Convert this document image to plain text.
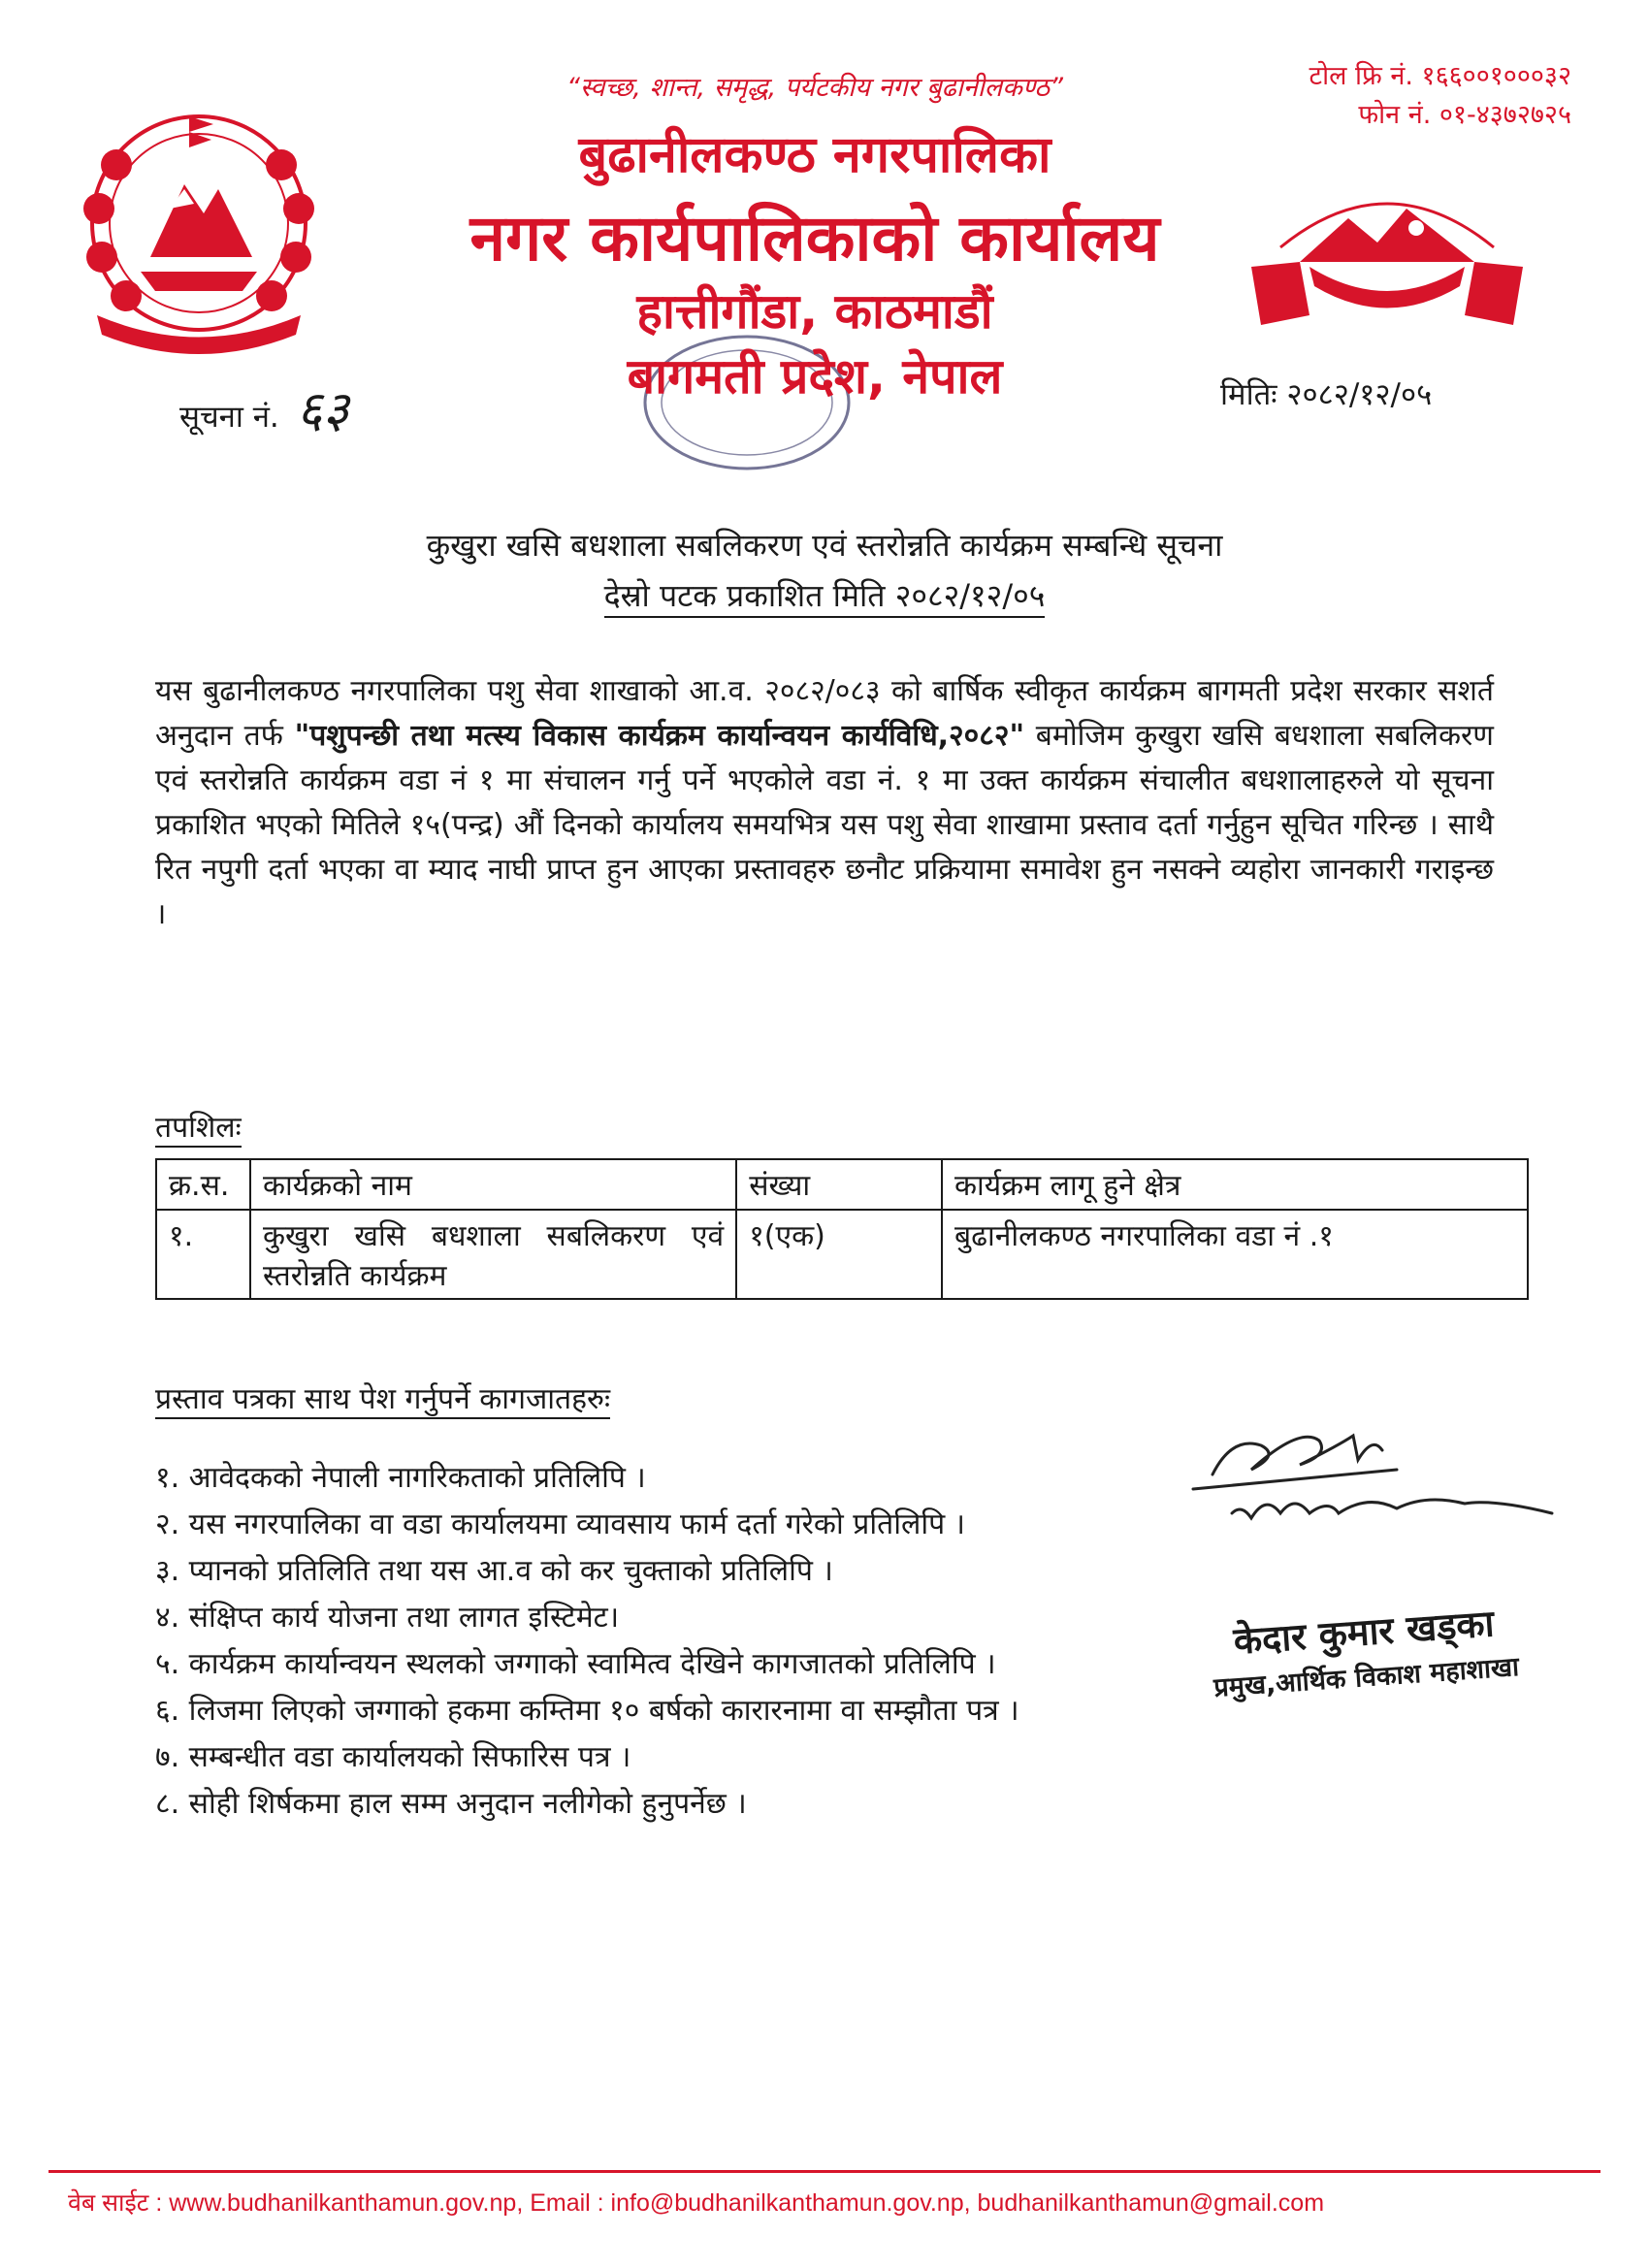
“स्वच्छ, शान्त, समृद्ध, पर्यटकीय नगर बुढानीलकण्ठ”
बुढानीलकण्ठ नगरपालिका
नगर कार्यपालिकाको कार्यालय
हात्तीगौंडा, काठमाडौं
बागमती प्रदेश, नेपाल
टोल फ्रि नं. १६६००१०००३२
फोन नं. ०१-४३७२७२५
सूचना नं. ६३	मितिः २०८२/१२/०५
कुखुरा खसि बधशाला सबलिकरण एवं स्तरोन्नति कार्यक्रम सम्बन्धि सूचना
देस्रो पटक प्रकाशित मिति २०८२/१२/०५
यस बुढानीलकण्ठ नगरपालिका पशु सेवा शाखाको आ.व. २०८२/०८३ को बार्षिक स्वीकृत कार्यक्रम बागमती प्रदेश सरकार सशर्त अनुदान तर्फ "पशुपन्छी तथा मत्स्य विकास कार्यक्रम कार्यान्वयन कार्यविधि,२०८२" बमोजिम कुखुरा खसि बधशाला सबलिकरण एवं स्तरोन्नति कार्यक्रम वडा नं १ मा संचालन गर्नु पर्ने भएकोले वडा नं. १ मा उक्त कार्यक्रम संचालीत बधशालाहरुले यो सूचना प्रकाशित भएको मितिले १५(पन्द्र) औं दिनको कार्यालय समयभित्र यस पशु सेवा शाखामा प्रस्ताव दर्ता गर्नुहुन सूचित गरिन्छ । साथै रित नपुगी दर्ता भएका वा म्याद नाघी प्राप्त हुन आएका प्रस्तावहरु छनौट प्रक्रियामा समावेश हुन नसक्ने व्यहोरा जानकारी गराइन्छ ।
तपशिलः
क्र.स.	कार्यक्रको नाम	संख्या	कार्यक्रम लागू हुने क्षेत्र
१.	कुखुरा खसि बधशाला सबलिकरण एवं स्तरोन्नति कार्यक्रम	१(एक)	बुढानीलकण्ठ नगरपालिका वडा नं .१
प्रस्ताव पत्रका साथ पेश गर्नुपर्ने कागजातहरुः
१. आवेदकको नेपाली नागरिकताको प्रतिलिपि ।
२. यस नगरपालिका वा वडा कार्यालयमा व्यावसाय फार्म दर्ता गरेको प्रतिलिपि ।
३. प्यानको प्रतिलिति तथा यस आ.व को कर चुक्ताको प्रतिलिपि ।
४. संक्षिप्त कार्य योजना तथा लागत इस्टिमेट।
५. कार्यक्रम कार्यान्वयन स्थलको जग्गाको स्वामित्व देखिने कागजातको प्रतिलिपि ।
६. लिजमा लिएको जग्गाको हकमा कम्तिमा १० बर्षको कारारनामा वा सम्झौता पत्र ।
७. सम्बन्धीत वडा कार्यालयको सिफारिस पत्र ।
८. सोही शिर्षकमा हाल सम्म अनुदान नलीगेको हुनुपर्नेछ ।
केदार कुमार खड्का
प्रमुख,आर्थिक विकाश महाशाखा
वेब साईट : www.budhanilkanthamun.gov.np, Email : info@budhanilkanthamun.gov.np, budhanilkanthamun@gmail.com
